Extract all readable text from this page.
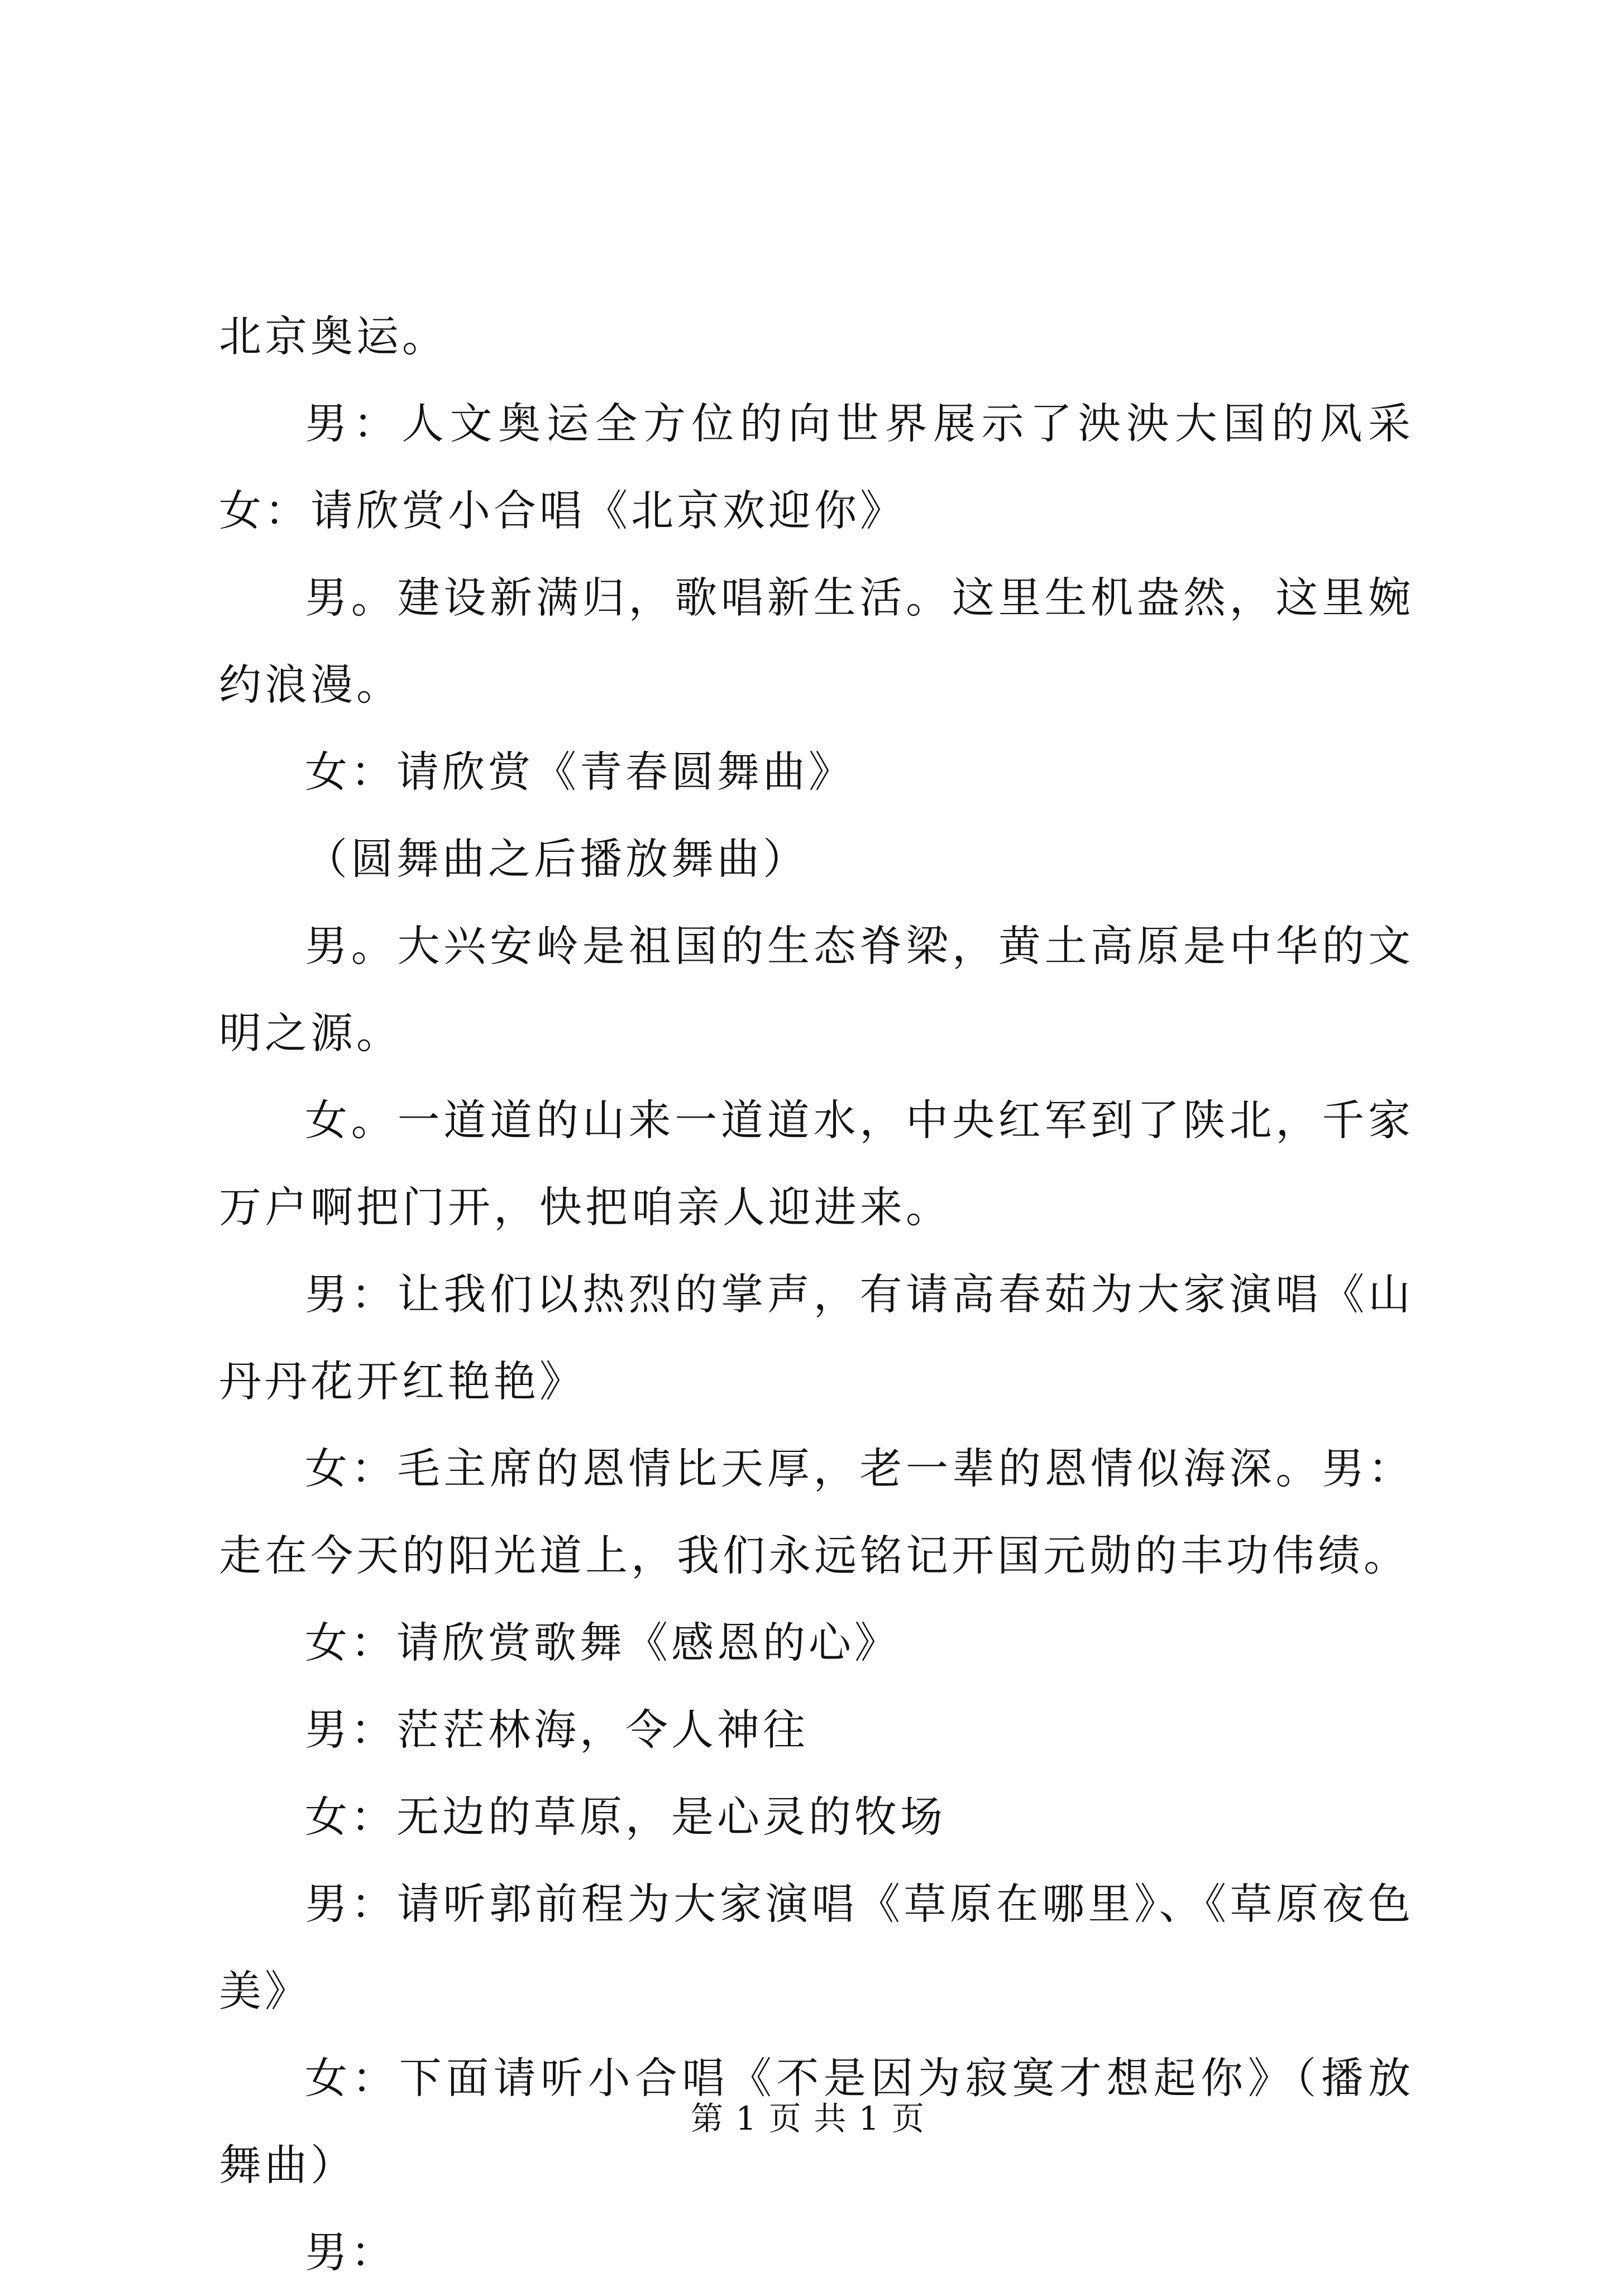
北京奥运。

男：人文奥运全方位的向世界展示了泱泱大国的风采女：请欣赏小合唱《北京欢迎你》

男。建设新满归，歌唱新生活。这里生机盎然，这里婉约浪漫。

女：请欣赏《青春圆舞曲》

（圆舞曲之后播放舞曲）

男。大兴安岭是祖国的生态脊梁，黄土高原是中华的文明之源。

女。一道道的山来一道道水，中央红军到了陕北，千家万户啊把门开，快把咱亲人迎进来。

男：让我们以热烈的掌声，有请高春茹为大家演唱《山丹丹花开红艳艳》

女：毛主席的恩情比天厚，老一辈的恩情似海深。男：走在今天的阳光道上，我们永远铭记开国元勋的丰功伟绩。

女：请欣赏歌舞《感恩的心》

男：茫茫林海，令人神往

女：无边的草原，是心灵的牧场

男：请听郭前程为大家演唱《草原在哪里》、《草原夜色美》

女：下面请听小合唱《不是因为寂寞才想起你》（播放舞曲）

男：

第 1 页 共 1 页
